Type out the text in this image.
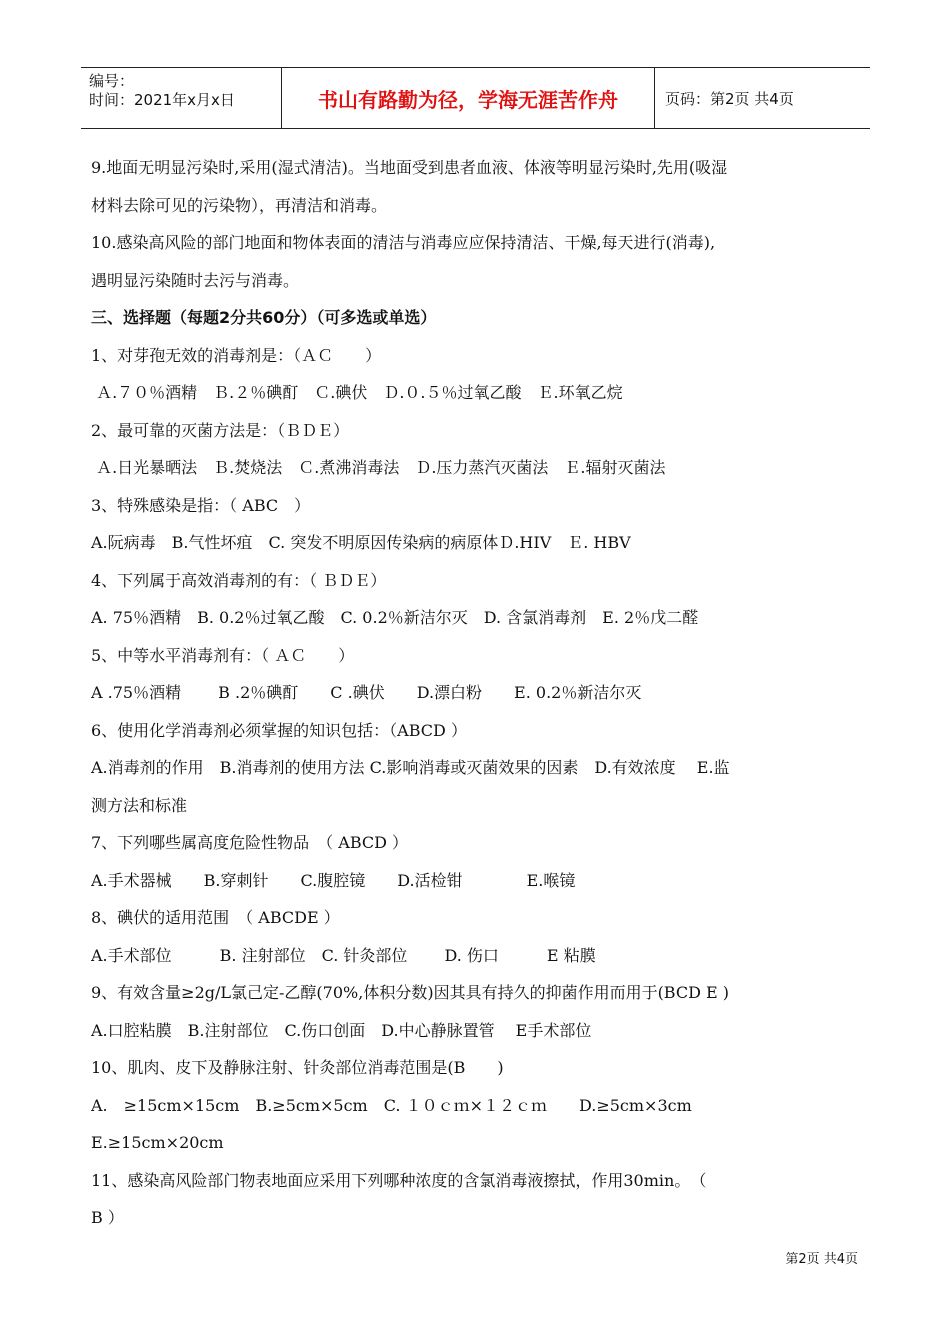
编号：
时间：2021年x月x日	书山有路勤为径，学海无涯苦作舟	页码：第2页 共4页
9.地面无明显污染时,采用(湿式清洁)。当地面受到患者血液、体液等明显污染时,先用(吸湿
材料去除可见的污染物），再清洁和消毒。
10.感染高风险的部门地面和物体表面的清洁与消毒应应保持清洁、干燥,每天进行(消毒),
遇明显污染随时去污与消毒。
三、选择题（每题2分共60分）（可多选或单选）
1、对芽孢无效的消毒剂是：（ＡＣ　　）
Ａ.７０％酒精　Ｂ.２％碘酊　Ｃ.碘伏　Ｄ.０.５％过氧乙酸　Ｅ.环氧乙烷
2、最可靠的灭菌方法是：（ＢＤＥ）
Ａ.日光暴晒法　Ｂ.焚烧法　Ｃ.煮沸消毒法　Ｄ.压力蒸汽灭菌法　Ｅ.辐射灭菌法
3、特殊感染是指：（ ABC　）
A.阮病毒　B.气性坏疽　C. 突发不明原因传染病的病原体Ｄ.HIV　Ｅ. HBV
4、下列属于高效消毒剂的有：（ ＢＤＥ）
A. 75％酒精　B. 0.2％过氧乙酸　C. 0.2％新洁尔灭　D. 含氯消毒剂　E. 2％戊二醛
5、中等水平消毒剂有：（ ＡＣ　　）
A .75％酒精　　 B .2％碘酊　　C .碘伏　　D.漂白粉　　E. 0.2％新洁尔灭
6、使用化学消毒剂必须掌握的知识包括：（ABCD ）
A.消毒剂的作用　B.消毒剂的使用方法 C.影响消毒或灭菌效果的因素　D.有效浓度　 E.监
测方法和标准
7、下列哪些属高度危险性物品　（ ABCD ）
A.手术器械　　B.穿刺针　　C.腹腔镜　　D.活检钳　　　　E.喉镜
8、碘伏的适用范围　（ ABCDE ）
A.手术部位　　　B. 注射部位　C. 针灸部位　　 D. 伤口　　　E 粘膜
9、有效含量≥2g/L氯己定-乙醇(70%,体积分数)因其具有持久的抑菌作用而用于(BCD E )
A.口腔粘膜　B.注射部位　C.伤口创面　D.中心静脉置管　 E手术部位
10、肌肉、皮下及静脉注射、针灸部位消毒范围是(B　　)
A.　≥15cm×15cm　B.≥5cm×5cm　C. １０ｃｍ×１２ｃｍ　　D.≥5cm×3cm
E.≥15cm×20cm
11、感染高风险部门物表地面应采用下列哪种浓度的含氯消毒液擦拭，作用30min。　（
B ）
第2页 共4页
